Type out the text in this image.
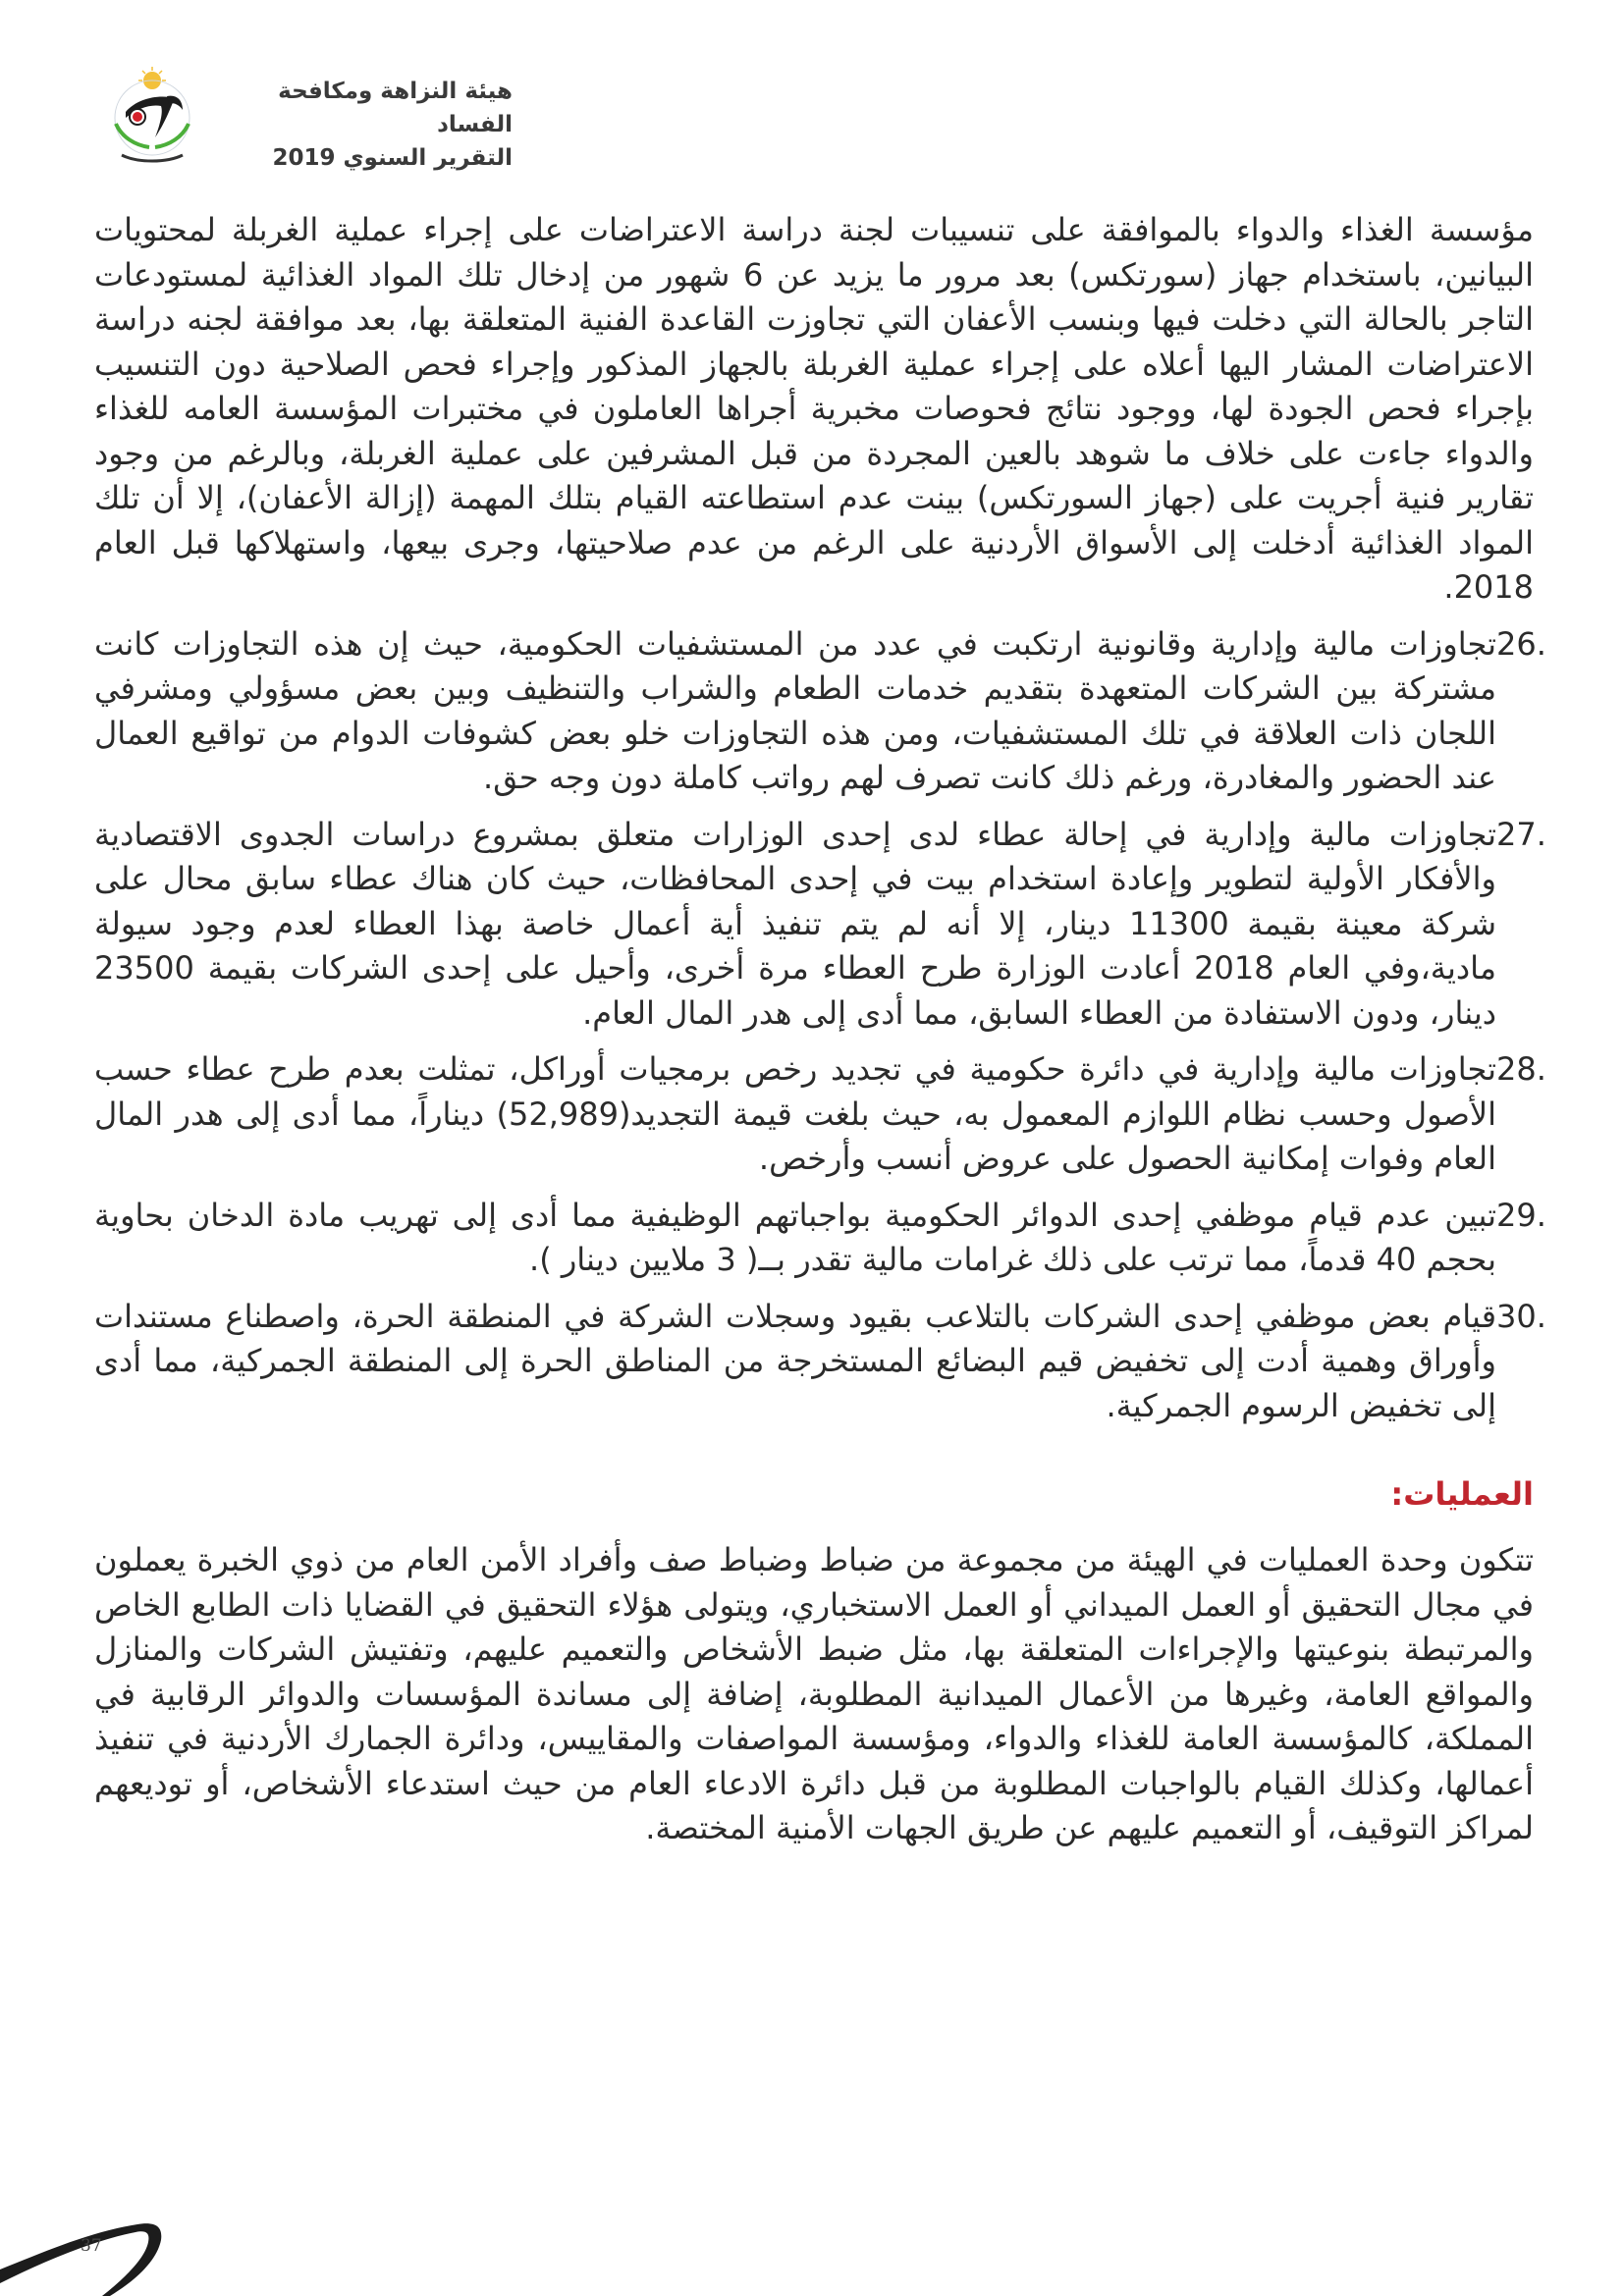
هيئة النزاهة ومكافحة الفساد
التقرير السنوي 2019

مؤسسة الغذاء والدواء بالموافقة على تنسيبات لجنة دراسة الاعتراضات على إجراء عملية الغربلة لمحتويات البيانين، باستخدام جهاز (سورتكس) بعد مرور ما يزيد عن 6 شهور من إدخال تلك المواد الغذائية لمستودعات التاجر بالحالة التي دخلت فيها وبنسب الأعفان التي تجاوزت القاعدة الفنية المتعلقة بها، بعد موافقة لجنه دراسة الاعتراضات المشار اليها أعلاه على إجراء عملية الغربلة بالجهاز المذكور وإجراء فحص الصلاحية دون التنسيب بإجراء فحص الجودة لها، ووجود نتائج فحوصات مخبرية أجراها العاملون في مختبرات المؤسسة العامه للغذاء والدواء جاءت على خلاف ما شوهد بالعين المجردة من قبل المشرفين على عملية الغربلة، وبالرغم من وجود تقارير فنية أجريت على (جهاز السورتكس) بينت عدم استطاعته القيام بتلك المهمة (إزالة الأعفان)، إلا أن تلك المواد الغذائية أدخلت إلى الأسواق الأردنية على الرغم من عدم صلاحيتها، وجرى بيعها، واستهلاكها قبل العام 2018.

26.
تجاوزات مالية وإدارية وقانونية ارتكبت في عدد من المستشفيات الحكومية، حيث إن هذه التجاوزات كانت مشتركة بين الشركات المتعهدة بتقديم خدمات الطعام والشراب والتنظيف وبين بعض مسؤولي ومشرفي اللجان ذات العلاقة في تلك المستشفيات، ومن هذه التجاوزات خلو بعض كشوفات الدوام من تواقيع العمال عند الحضور والمغادرة، ورغم ذلك كانت تصرف لهم رواتب كاملة دون وجه حق.
27.
تجاوزات مالية وإدارية في إحالة عطاء لدى إحدى الوزارات متعلق بمشروع دراسات الجدوى الاقتصادية والأفكار الأولية لتطوير وإعادة استخدام بيت في إحدى المحافظات، حيث كان هناك عطاء سابق محال على شركة معينة بقيمة 11300 دينار، إلا أنه لم يتم تنفيذ أية أعمال خاصة بهذا العطاء لعدم وجود سيولة مادية،وفي العام 2018 أعادت الوزارة طرح العطاء مرة أخرى، وأحيل على إحدى الشركات بقيمة 23500 دينار، ودون الاستفادة من العطاء السابق، مما أدى إلى هدر المال العام.
28.
تجاوزات مالية وإدارية في دائرة حكومية في تجديد رخص برمجيات أوراكل، تمثلت بعدم طرح عطاء حسب الأصول وحسب نظام اللوازم المعمول به، حيث بلغت قيمة التجديد(52,989) ديناراً، مما أدى إلى هدر المال العام وفوات إمكانية الحصول على عروض أنسب وأرخص.
29.
تبين عدم قيام موظفي إحدى الدوائر الحكومية بواجباتهم الوظيفية مما أدى إلى تهريب مادة الدخان بحاوية بحجم 40 قدماً، مما ترتب على ذلك غرامات مالية تقدر بــ( 3 ملايين دينار ).
30.
قيام بعض موظفي إحدى الشركات بالتلاعب بقيود وسجلات الشركة في المنطقة الحرة، واصطناع مستندات وأوراق وهمية أدت إلى تخفيض قيم البضائع المستخرجة من المناطق الحرة إلى المنطقة الجمركية، مما أدى إلى تخفيض الرسوم الجمركية.
العمليات:

تتكون وحدة العمليات في الهيئة من مجموعة من ضباط وضباط صف وأفراد الأمن العام من ذوي الخبرة يعملون في مجال التحقيق أو العمل الميداني أو العمل الاستخباري، ويتولى هؤلاء التحقيق في القضايا ذات الطابع الخاص والمرتبطة بنوعيتها والإجراءات المتعلقة بها، مثل ضبط الأشخاص والتعميم عليهم، وتفتيش الشركات والمنازل والمواقع العامة، وغيرها من الأعمال الميدانية المطلوبة، إضافة إلى مساندة المؤسسات والدوائر الرقابية في المملكة، كالمؤسسة العامة للغذاء والدواء، ومؤسسة المواصفات والمقاييس، ودائرة الجمارك الأردنية في تنفيذ أعمالها، وكذلك القيام بالواجبات المطلوبة من قبل دائرة الادعاء العام من حيث استدعاء الأشخاص، أو توديعهم لمراكز التوقيف، أو التعميم عليهم عن طريق الجهات الأمنية المختصة.

37
